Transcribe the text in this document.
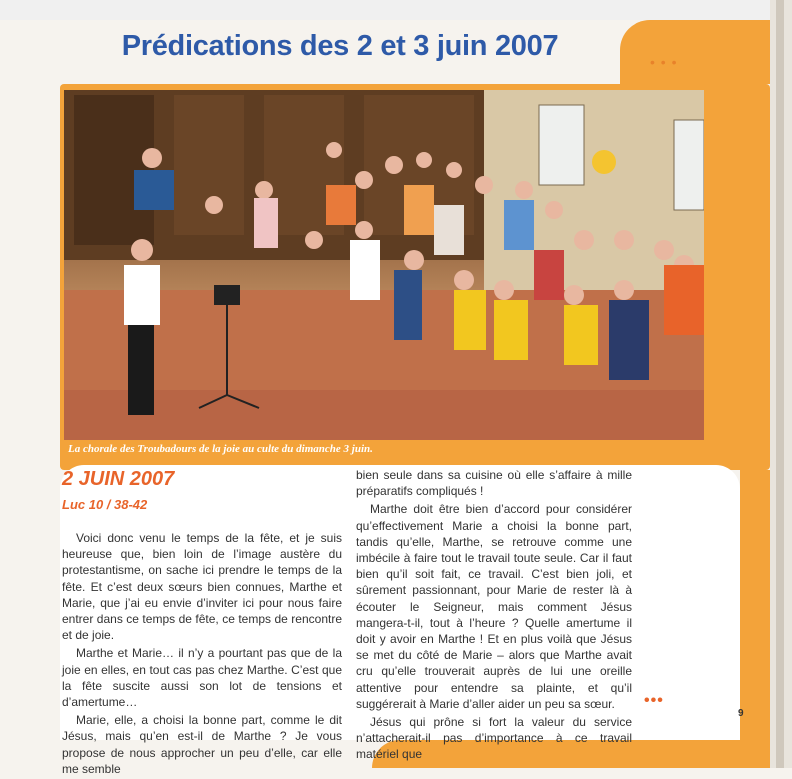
Prédications des 2 et 3 juin 2007	• • •
La chorale des Troubadours de la joie au culte du dimanche 3 juin.
2 JUIN 2007
Luc 10 / 38-42

Voici donc venu le temps de la fête, et je suis heureuse que, bien loin de l’image austère du protestantisme, on sache ici prendre le temps de la fête. Et c’est deux sœurs bien connues, Marthe et Marie, que j’ai eu envie d’inviter ici pour nous faire entrer dans ce temps de fête, ce temps de rencontre et de joie.

Marthe et Marie… il n’y a pourtant pas que de la joie en elles, en tout cas pas chez Marthe. C’est que la fête suscite aussi son lot de tensions et d’amertume…

Marie, elle, a choisi la bonne part, comme le dit Jésus, mais qu’en est-il de Marthe ? Je vous propose de nous approcher un peu d’elle, car elle me semble

bien seule dans sa cuisine où elle s’affaire à mille préparatifs compliqués !

Marthe doit être bien d’accord pour considérer qu’effectivement Marie a choisi la bonne part, tandis qu’elle, Marthe, se retrouve comme une imbécile à faire tout le travail toute seule. Car il faut bien qu’il soit fait, ce travail. C’est bien joli, et sûrement passionnant, pour Marie de rester là à écouter le Seigneur, mais comment Jésus mangera-t-il, tout à l’heure ? Quelle amertume il doit y avoir en Marthe ! Et en plus voilà que Jésus se met du côté de Marie – alors que Marthe avait cru qu’elle trouverait auprès de lui une oreille attentive pour entendre sa plainte, et qu’il suggérerait à Marie d’aller aider un peu sa sœur.

Jésus qui prône si fort la valeur du service n’attacherait-il pas d’importance à ce travail matériel que

•••
9
